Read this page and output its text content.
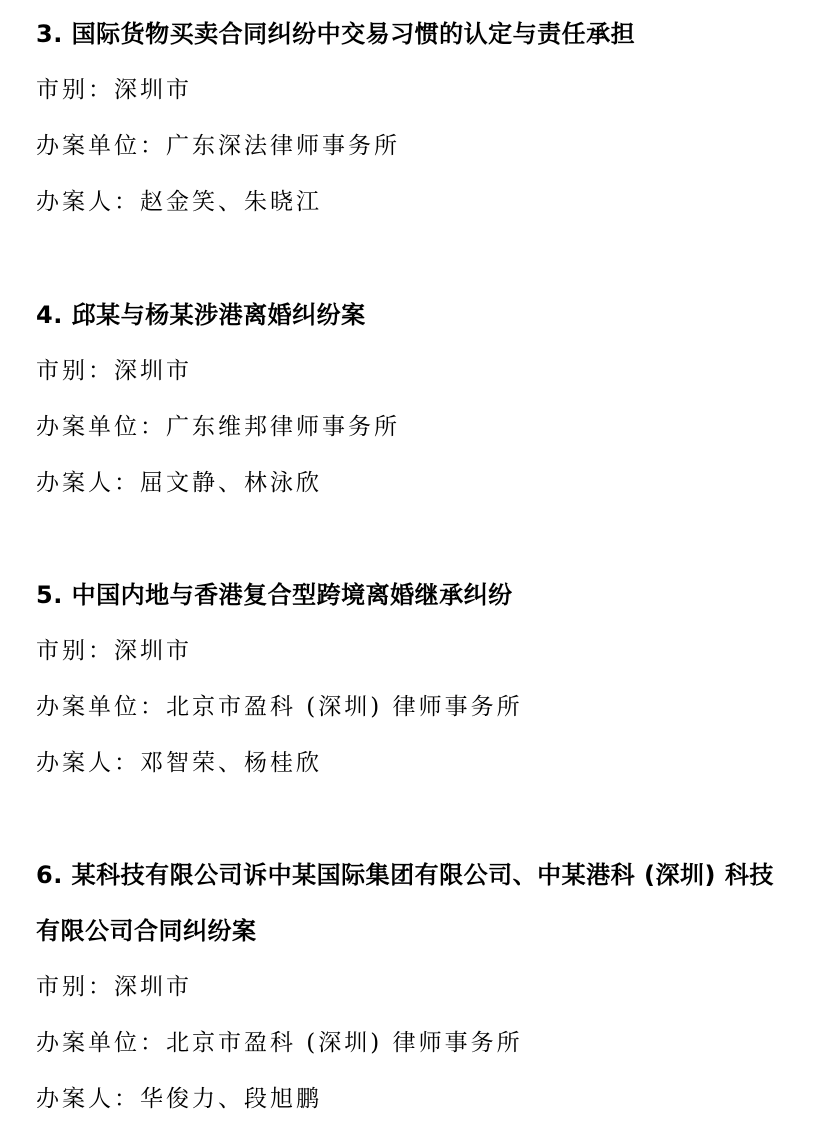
3. 国际货物买卖合同纠纷中交易习惯的认定与责任承担
市别：深圳市
办案单位：广东深法律师事务所
办案人：赵金笑、朱晓江
4. 邱某与杨某涉港离婚纠纷案
市别：深圳市
办案单位：广东维邦律师事务所
办案人：屈文静、林泳欣
5. 中国内地与香港复合型跨境离婚继承纠纷
市别：深圳市
办案单位：北京市盈科 (深圳) 律师事务所
办案人：邓智荣、杨桂欣
6. 某科技有限公司诉中某国际集团有限公司、中某港科 (深圳) 科技有限公司合同纠纷案
市别：深圳市
办案单位：北京市盈科 (深圳) 律师事务所
办案人：华俊力、段旭鹏
